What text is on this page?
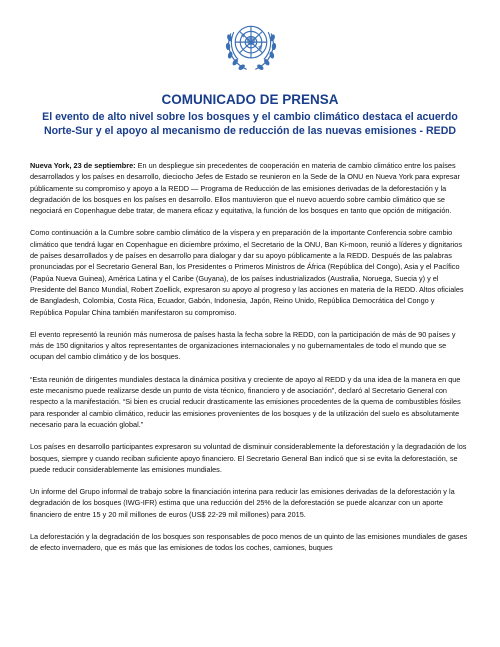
COMUNICADO DE PRENSA
El evento de alto nivel sobre los bosques y el cambio climático destaca el acuerdo Norte-Sur y el apoyo al mecanismo de reducción de las nuevas emisiones - REDD

Nueva York, 23 de septiembre: En un despliegue sin precedentes de cooperación en materia de cambio climático entre los países desarrollados y los países en desarrollo, dieciocho Jefes de Estado se reunieron en la Sede de la ONU en Nueva York para expresar públicamente su compromiso y apoyo a la REDD — Programa de Reducción de las emisiones derivadas de la deforestación y la degradación de los bosques en los países en desarrollo. Ellos mantuvieron que el nuevo acuerdo sobre cambio climático que se negociará en Copenhague debe tratar, de manera eficaz y equitativa, la función de los bosques en tanto que opción de mitigación.

Como continuación a la Cumbre sobre cambio climático de la víspera y en preparación de la importante Conferencia sobre cambio climático que tendrá lugar en Copenhague en diciembre próximo, el Secretario de la ONU, Ban Ki-moon, reunió a líderes y dignitarios de países desarrollados y de países en desarrollo para dialogar y dar su apoyo públicamente a la REDD. Después de las palabras pronunciadas por el Secretario General Ban, los Presidentes o Primeros Ministros de África (República del Congo), Asia y el Pacífico (Papúa Nueva Guinea), América Latina y el Caribe (Guyana), de los países industrializados (Australia, Noruega, Suecia y) y el Presidente del Banco Mundial, Robert Zoellick, expresaron su apoyo al progreso y las acciones en materia de la REDD. Altos oficiales de Bangladesh, Colombia, Costa Rica, Ecuador, Gabón, Indonesia, Japón, Reino Unido, República Democrática del Congo y República Popular China también manifestaron su compromiso.

El evento representó la reunión más numerosa de países hasta la fecha sobre la REDD, con la participación de más de 90 países y más de 150 dignitarios y altos representantes de organizaciones internacionales y no gubernamentales de todo el mundo que se ocupan del cambio climático y de los bosques.

“Esta reunión de dirigentes mundiales destaca la dinámica positiva y creciente de apoyo al REDD y da una idea de la manera en que este mecanismo puede realizarse desde un punto de vista técnico, financiero y de asociación”, declaró al Secretario General con respecto a la manifestación. “Si bien es crucial reducir drasticamente las emisiones procedentes de la quema de combustibles fósiles para responder al cambio climático, reducir las emisiones provenientes de los bosques y de la utilización del suelo es absolutamente necesario para la ecuación global.”

Los países en desarrollo participantes expresaron su voluntad de disminuir considerablemente la deforestación y la degradación de los bosques, siempre y cuando reciban suficiente apoyo financiero. El Secretario General Ban indicó que si se evita la deforestación, se puede reducir considerablemente las emisiones mundiales.

Un informe del Grupo informal de trabajo sobre la financiación interina para reducir las emisiones derivadas de la deforestación y la degradación de los bosques (IWG-IFR) estima que una reducción del 25% de la deforestación se puede alcanzar con un aporte financiero de entre 15 y 20 mil millones de euros (US$ 22-29 mil millones) para 2015.

La deforestación y la degradación de los bosques son responsables de poco menos de un quinto de las emisiones mundiales de gases de efecto invernadero, que es más que las emisiones de todos los coches, camiones, buques
